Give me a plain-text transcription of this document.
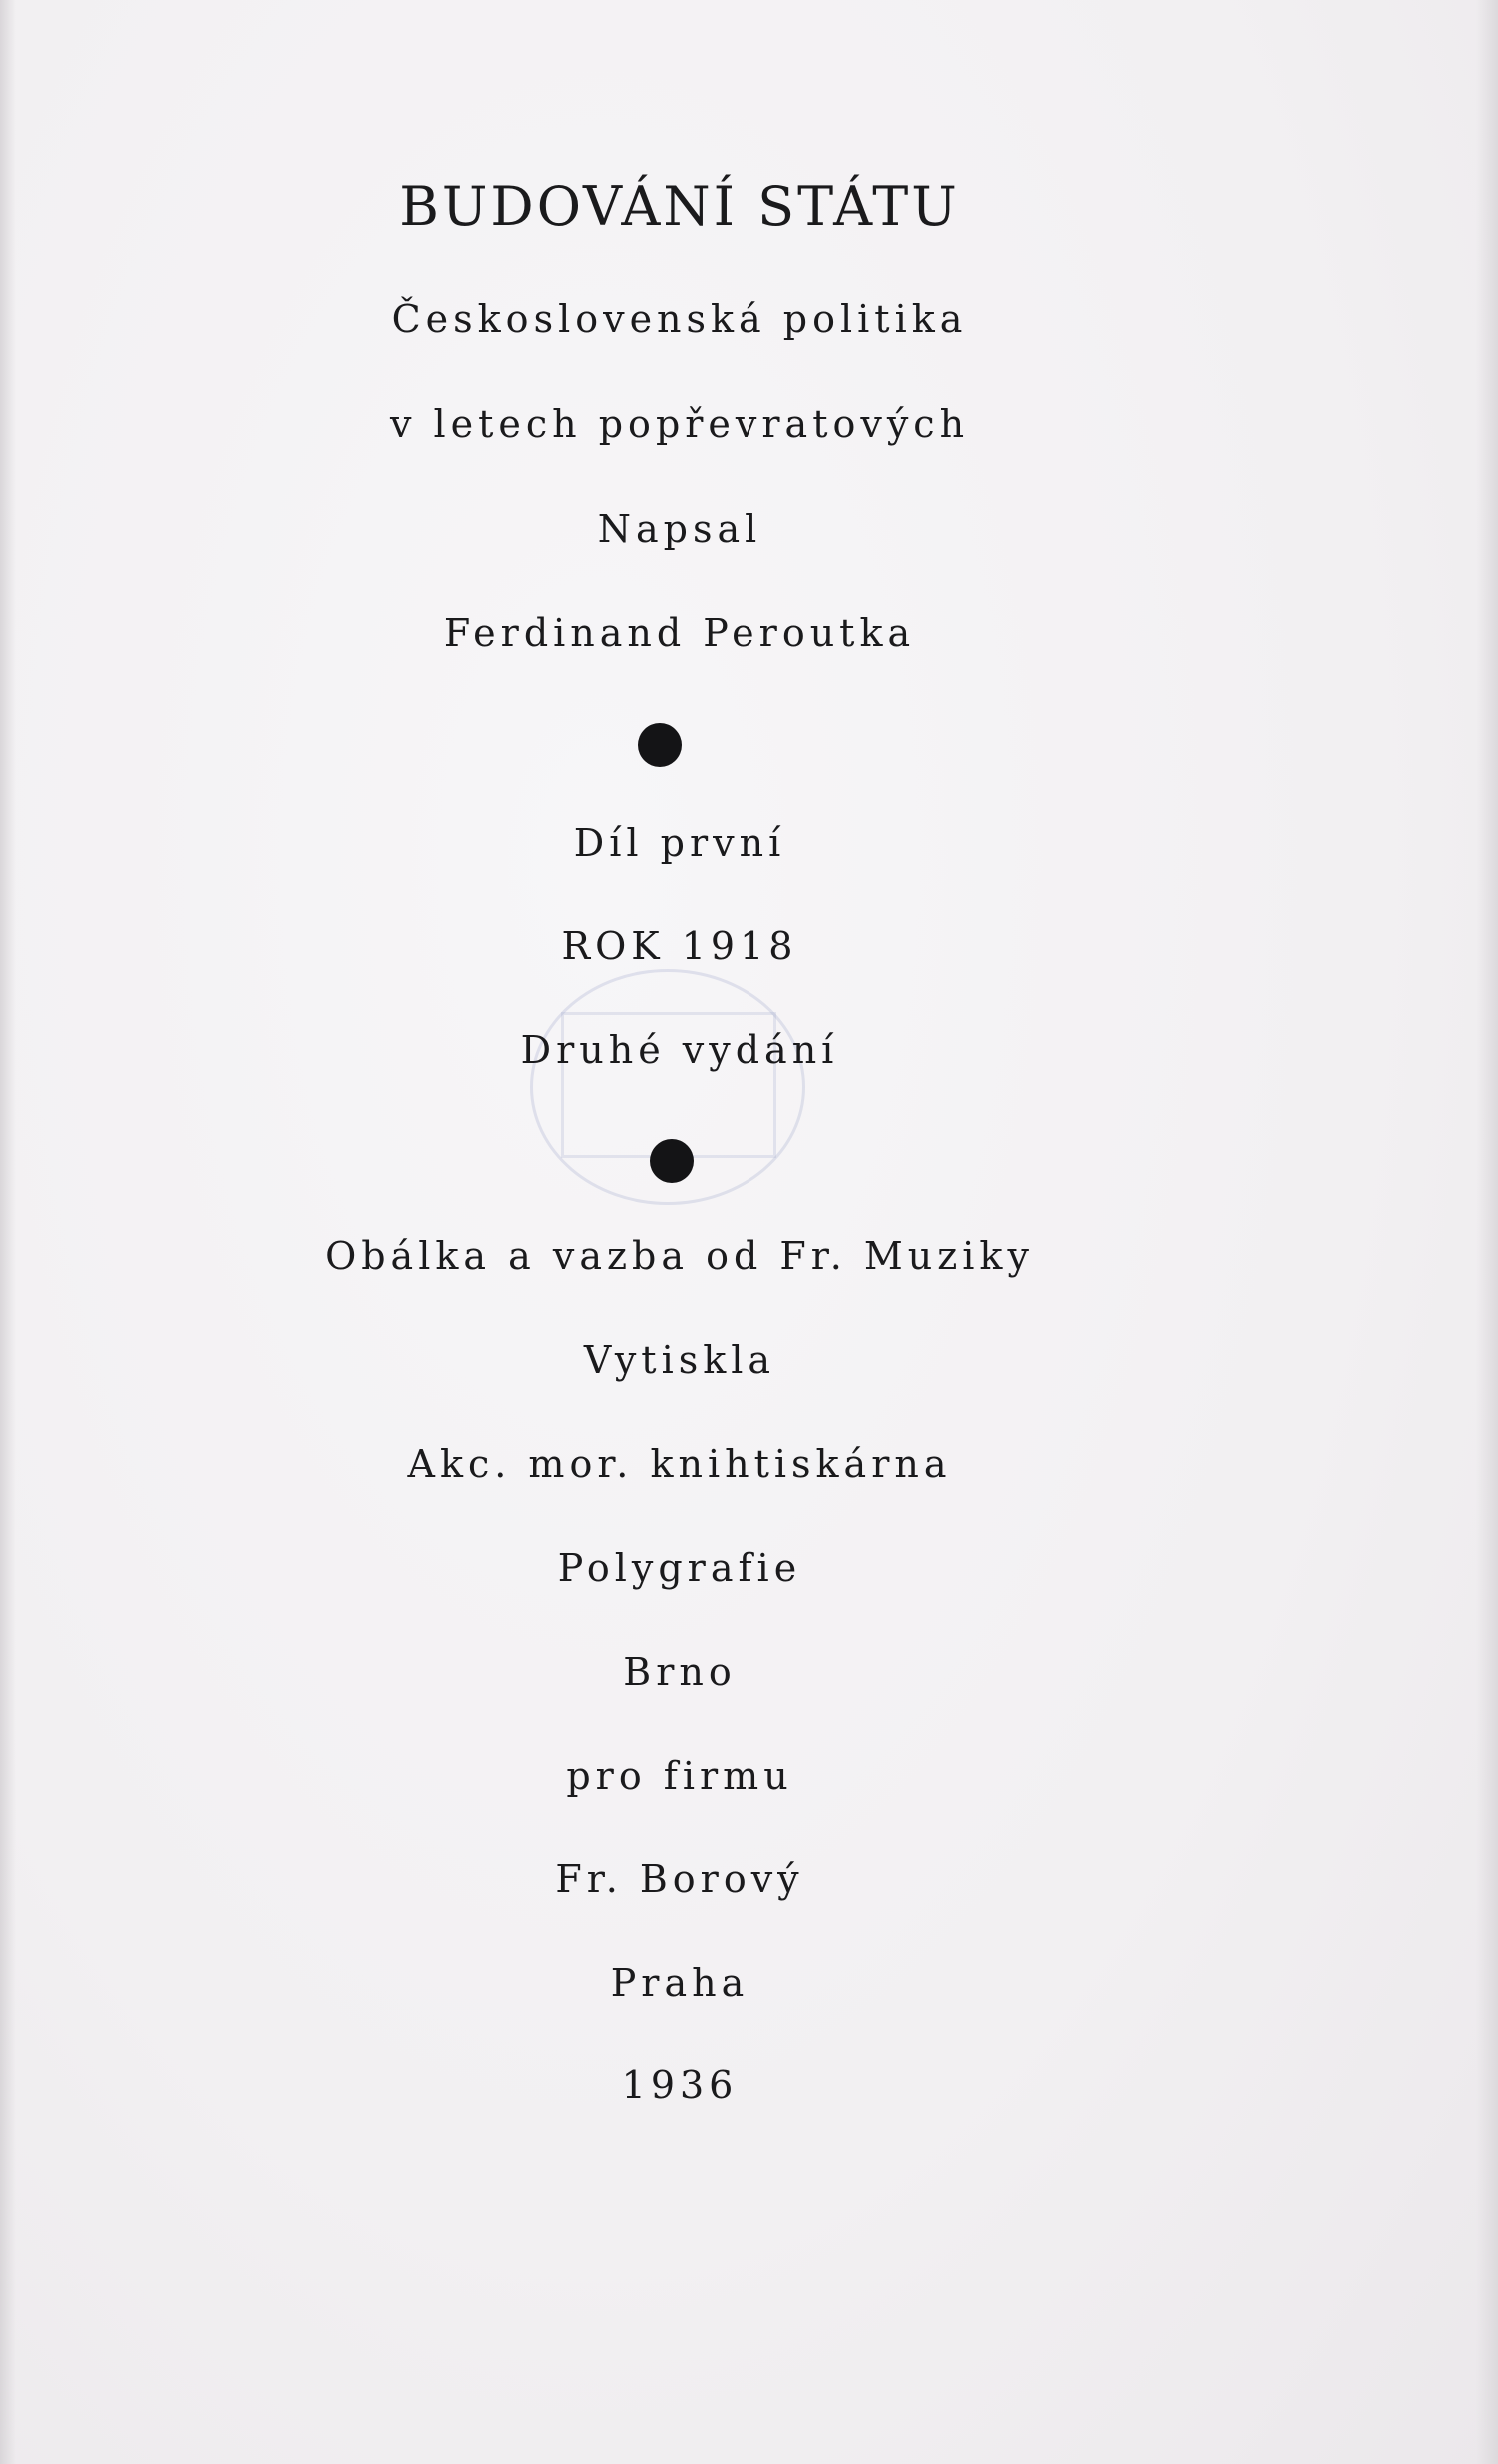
BUDOVÁNÍ STÁTU
Československá politika
v letech popřevratových
Napsal
Ferdinand Peroutka
Díl první
ROK 1918
Druhé vydání
Obálka a vazba od Fr. Muziky
Vytiskla
Akc. mor. knihtiskárna
Polygrafie
Brno
pro firmu
Fr. Borový
Praha
1936
